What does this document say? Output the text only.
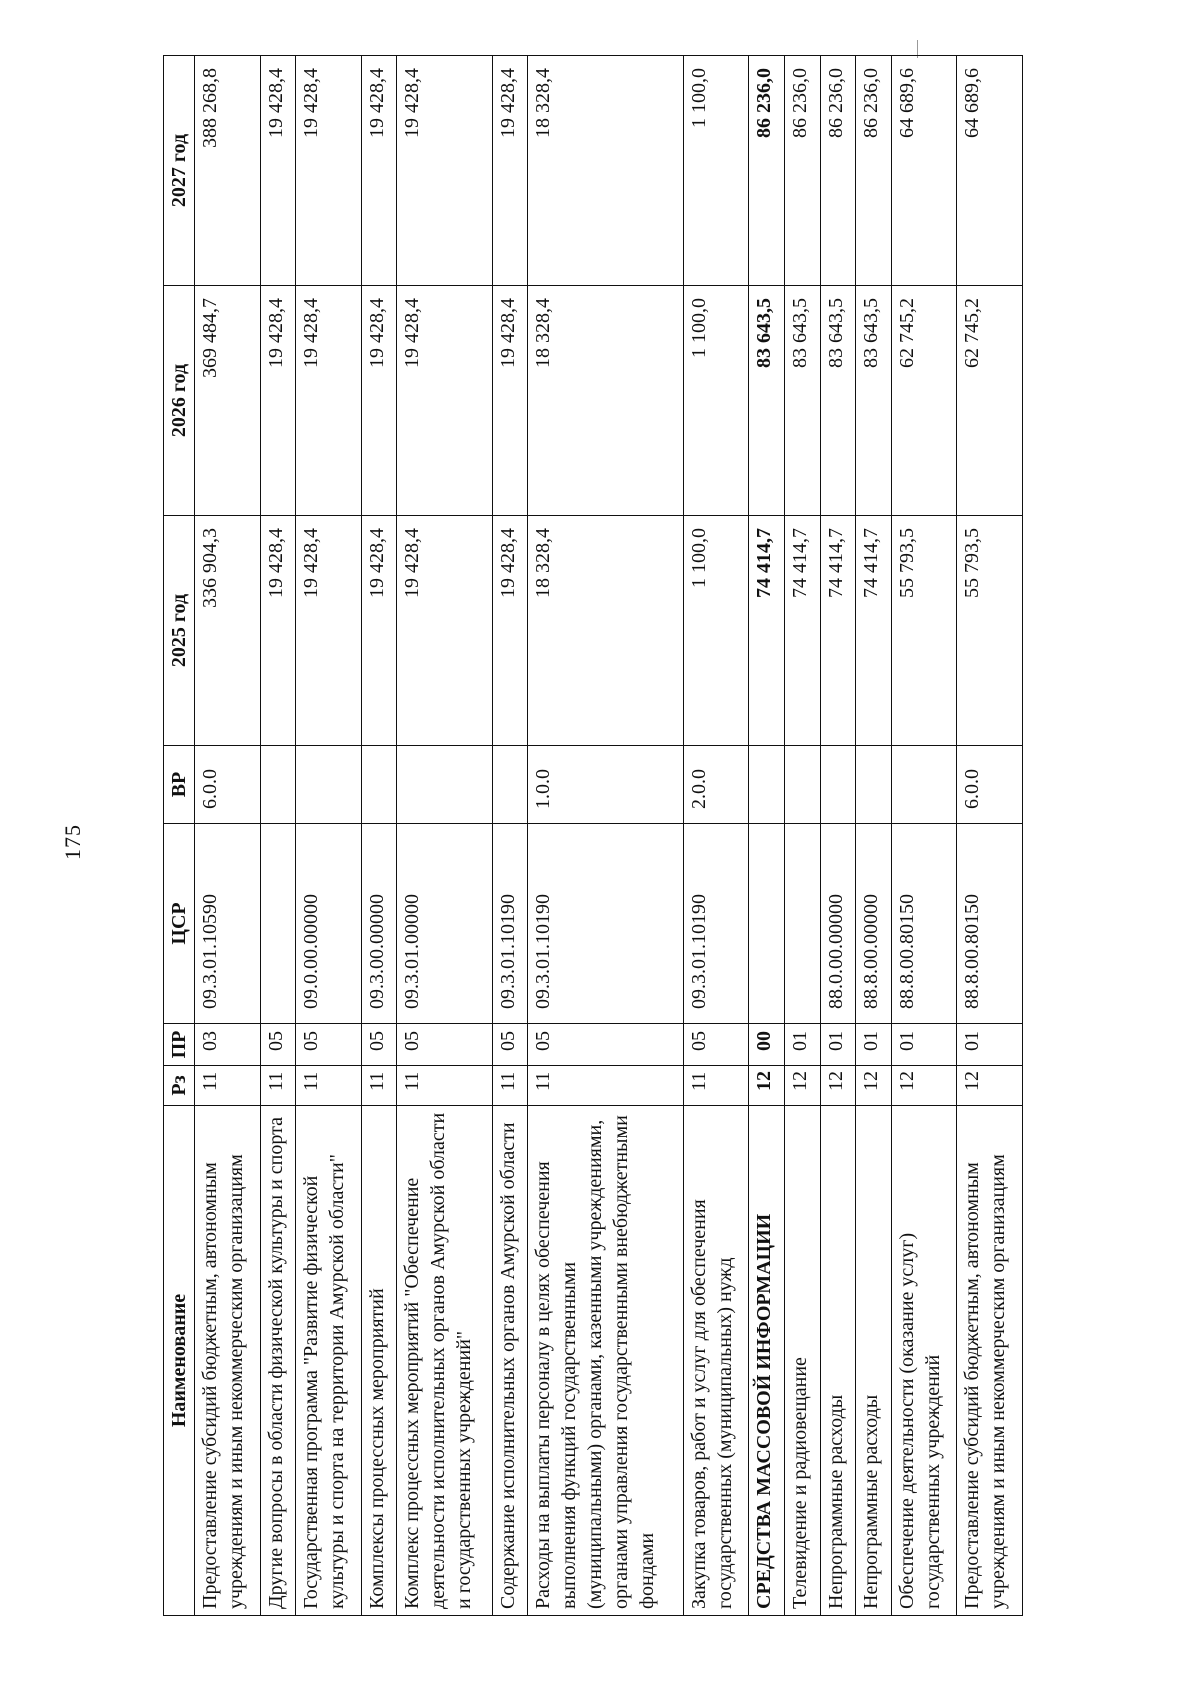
175
Наименование	Рз	ПР	ЦСР	ВР	2025 год	2026 год	2027 год
Предоставление субсидий бюджетным, автономным учреждениям и иным некоммерческим организациям	11	03	09.3.01.10590	6.0.0	336 904,3	369 484,7	388 268,8
Другие вопросы в области физической культуры и спорта	11	05			19 428,4	19 428,4	19 428,4
Государственная программа "Развитие физической культуры и спорта на территории Амурской области"	11	05	09.0.00.00000		19 428,4	19 428,4	19 428,4
Комплексы процессных мероприятий	11	05	09.3.00.00000		19 428,4	19 428,4	19 428,4
Комплекс процессных мероприятий "Обеспечение деятельности исполнительных органов Амурской области и государственных учреждений"	11	05	09.3.01.00000		19 428,4	19 428,4	19 428,4
Содержание исполнительных органов Амурской области	11	05	09.3.01.10190		19 428,4	19 428,4	19 428,4
Расходы на выплаты персоналу в целях обеспечения выполнения функций государственными (муниципальными) органами, казенными учреждениями, органами управления государственными внебюджетными фондами	11	05	09.3.01.10190	1.0.0	18 328,4	18 328,4	18 328,4
Закупка товаров, работ и услуг для обеспечения государственных (муниципальных) нужд	11	05	09.3.01.10190	2.0.0	1 100,0	1 100,0	1 100,0
СРЕДСТВА МАССОВОЙ ИНФОРМАЦИИ	12	00			74 414,7	83 643,5	86 236,0
Телевидение и радиовещание	12	01			74 414,7	83 643,5	86 236,0
Непрограммные расходы	12	01	88.0.00.00000		74 414,7	83 643,5	86 236,0
Непрограммные расходы	12	01	88.8.00.00000		74 414,7	83 643,5	86 236,0
Обеспечение деятельности (оказание услуг) государственных учреждений	12	01	88.8.00.80150		55 793,5	62 745,2	64 689,6
Предоставление субсидий бюджетным, автономным учреждениям и иным некоммерческим организациям	12	01	88.8.00.80150	6.0.0	55 793,5	62 745,2	64 689,6
